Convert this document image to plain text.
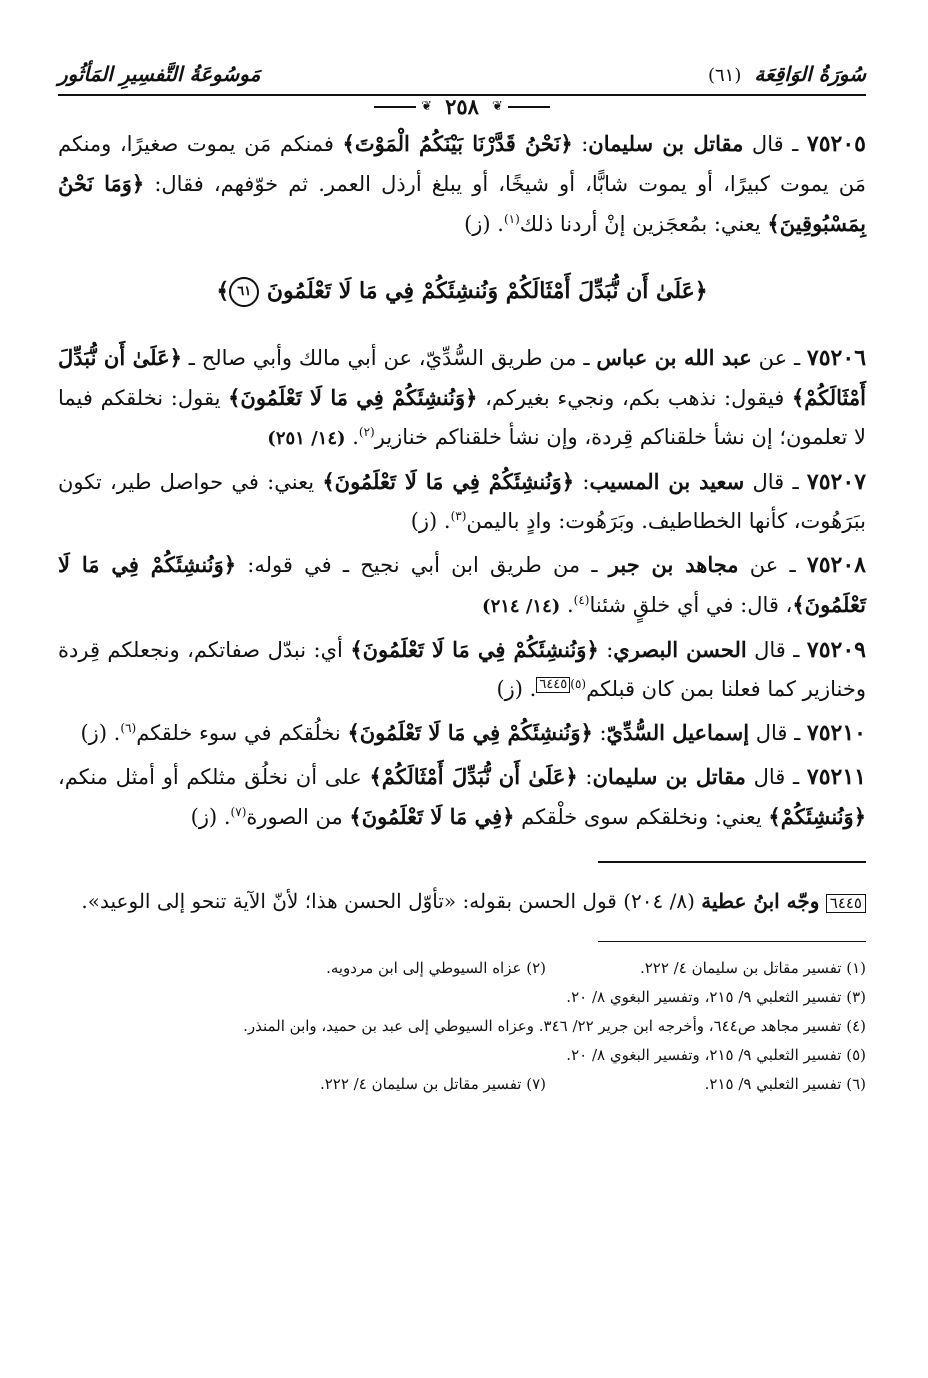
سُورَةُ الوَاقِعَة (٦١)
مَوسُوعَةُ التَّفسِيرِ المَأثُور
❦ ٢٥٨ ❦

٧٥٢٠٥ ـ قال مقاتل بن سليمان: ﴿نَحْنُ قَدَّرْنَا بَيْنَكُمُ الْمَوْتَ﴾ فمنكم مَن يموت صغيرًا، ومنكم مَن يموت كبيرًا، أو يموت شابًّا، أو شيخًا، أو يبلغ أرذل العمر. ثم خوّفهم، فقال: ﴿وَمَا نَحْنُ بِمَسْبُوقِينَ﴾ يعني: بمُعجَزين إنْ أردنا ذلك$^{(١)}$. (ز)

﴿عَلَىٰ أَن نُّبَدِّلَ أَمْثَالَكُمْ وَنُنشِئَكُمْ فِي مَا لَا تَعْلَمُونَ ٦١﴾

٧٥٢٠٦ ـ عن عبد الله بن عباس ـ من طريق السُّدِّيّ، عن أبي مالك وأبي صالح ـ ﴿عَلَىٰ أَن نُّبَدِّلَ أَمْثَالَكُمْ﴾ فيقول: نذهب بكم، ونجيء بغيركم، ﴿وَنُنشِئَكُمْ فِي مَا لَا تَعْلَمُونَ﴾ يقول: نخلقكم فيما لا تعلمون؛ إن نشأ خلقناكم قِردة، وإن نشأ خلقناكم خنازير$^{(٢)}$. (١٤/ ٢٥١)

٧٥٢٠٧ ـ قال سعيد بن المسيب: ﴿وَنُنشِئَكُمْ فِي مَا لَا تَعْلَمُونَ﴾ يعني: في حواصل طير، تكون ببَرَهُوت، كأنها الخطاطيف. وبَرَهُوت: وادٍ باليمن$^{(٣)}$. (ز)

٧٥٢٠٨ ـ عن مجاهد بن جبر ـ من طريق ابن أبي نجيح ـ في قوله: ﴿وَنُنشِئَكُمْ فِي مَا لَا تَعْلَمُونَ﴾، قال: في أي خلقٍ شئنا$^{(٤)}$. (١٤/ ٢١٤)

٧٥٢٠٩ ـ قال الحسن البصري: ﴿وَنُنشِئَكُمْ فِي مَا لَا تَعْلَمُونَ﴾ أي: نبدّل صفاتكم، ونجعلكم قِردة وخنازير كما فعلنا بمن كان قبلكم$^{(٥)}$٦٤٤٥. (ز)

٧٥٢١٠ ـ قال إسماعيل السُّدِّيّ: ﴿وَنُنشِئَكُمْ فِي مَا لَا تَعْلَمُونَ﴾ نخلُقكم في سوء خلقكم$^{(٦)}$. (ز)

٧٥٢١١ ـ قال مقاتل بن سليمان: ﴿عَلَىٰ أَن نُّبَدِّلَ أَمْثَالَكُمْ﴾ على أن نخلُق مثلكم أو أمثل منكم، ﴿وَنُنشِئَكُمْ﴾ يعني: ونخلقكم سوى خلْقكم ﴿فِي مَا لَا تَعْلَمُونَ﴾ من الصورة$^{(٧)}$. (ز)

٦٤٤٥ وجّه ابنُ عطية (٨/ ٢٠٤) قول الحسن بقوله: «تأوّل الحسن هذا؛ لأنّ الآية تنحو إلى الوعيد».

(١) تفسير مقاتل بن سليمان ٤/ ٢٢٢.
(٢) عزاه السيوطي إلى ابن مردويه.
(٣) تفسير الثعلبي ٩/ ٢١٥، وتفسير البغوي ٨/ ٢٠.
(٤) تفسير مجاهد ص٦٤٤، وأخرجه ابن جرير ٢٢/ ٣٤٦. وعزاه السيوطي إلى عبد بن حميد، وابن المنذر.
(٥) تفسير الثعلبي ٩/ ٢١٥، وتفسير البغوي ٨/ ٢٠.
(٦) تفسير الثعلبي ٩/ ٢١٥.
(٧) تفسير مقاتل بن سليمان ٤/ ٢٢٢.
